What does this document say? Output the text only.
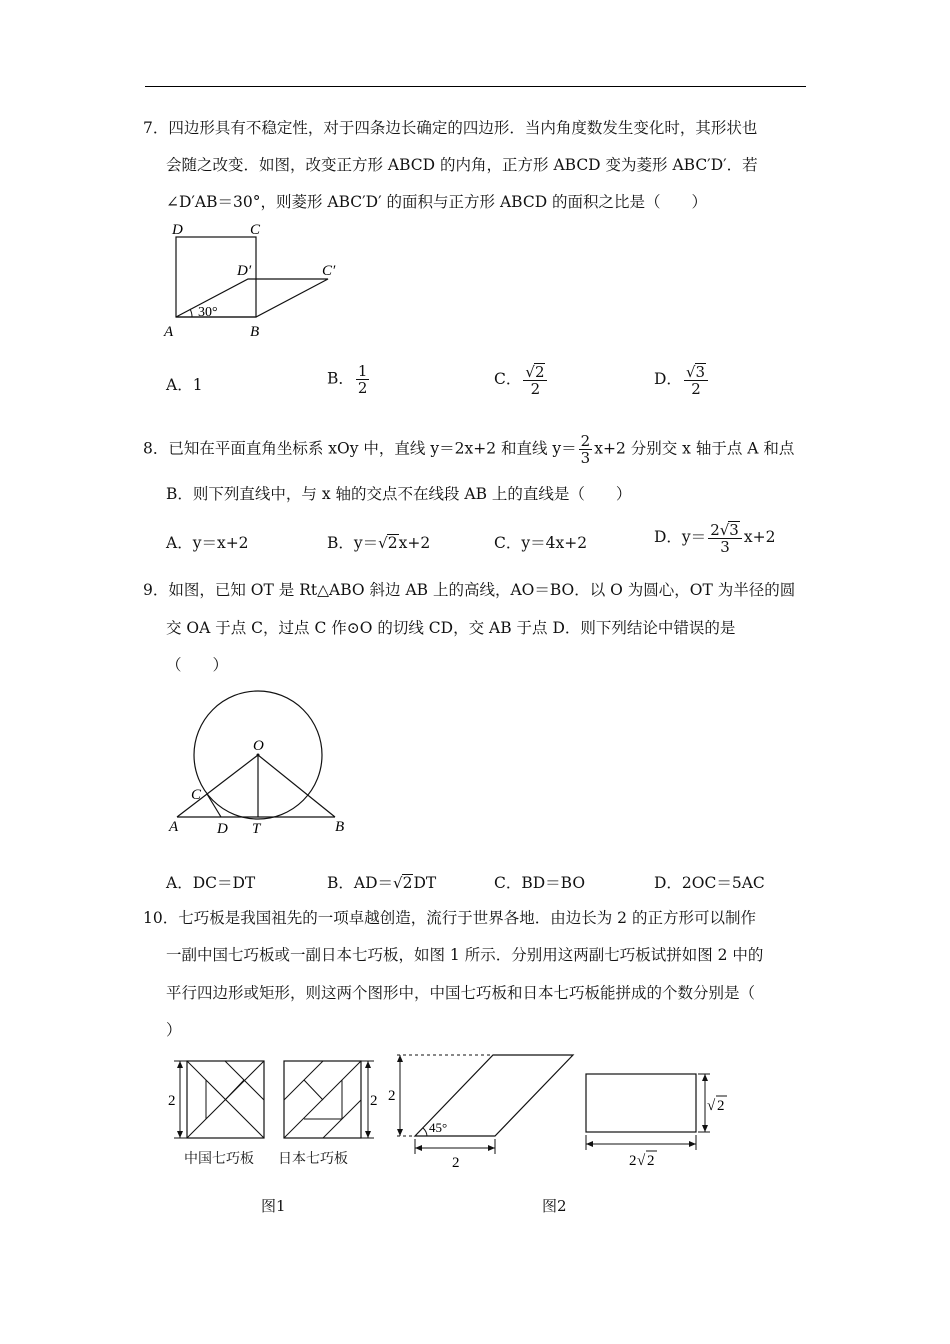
7．四边形具有不稳定性，对于四条边长确定的四边形．当内角度数发生变化时，其形状也
会随之改变．如图，改变正方形 ABCD 的内角，正方形 ABCD 变为菱形 ABC′D′．若
∠D′AB＝30°，则菱形 ABC′D′ 的面积与正方形 ABCD 的面积之比是（　　）
D	C
D′	C′
A	B
30°
A．1	B． $\frac{1}{2}$	C． $\frac{√2}{2}$	D． $\frac{√3}{2}$
8．已知在平面直角坐标系 xOy 中，直线 y＝2x+2 和直线 $y= \frac{2}{3} x+2$ 分别交 x 轴于点 A 和点
B．则下列直线中，与 x 轴的交点不在线段 AB 上的直线是（　　）
A．y＝x+2	B．y＝√2x+2	C．y＝4x+2	D．$y= \frac{2√3}{3} x+2$
9．如图，已知 OT 是 Rt△ABO 斜边 AB 上的高线，AO＝BO．以 O 为圆心，OT 为半径的圆
交 OA 于点 C，过点 C 作⊙O 的切线 CD，交 AB 于点 D．则下列结论中错误的是
（　　）
O
C
A	D T	B
A．DC＝DT	B．AD＝√2DT	C．BD＝BO	D．2OC＝5AC
10．七巧板是我国祖先的一项卓越创造，流行于世界各地．由边长为 2 的正方形可以制作
一副中国七巧板或一副日本七巧板，如图 1 所示．分别用这两副七巧板试拼如图 2 中的
平行四边形或矩形，则这两个图形中，中国七巧板和日本七巧板能拼成的个数分别是（
）
2	2
中国七巧板 日本七巧板
2
45°
2
√ 2
2 √ 2
图1	图2
